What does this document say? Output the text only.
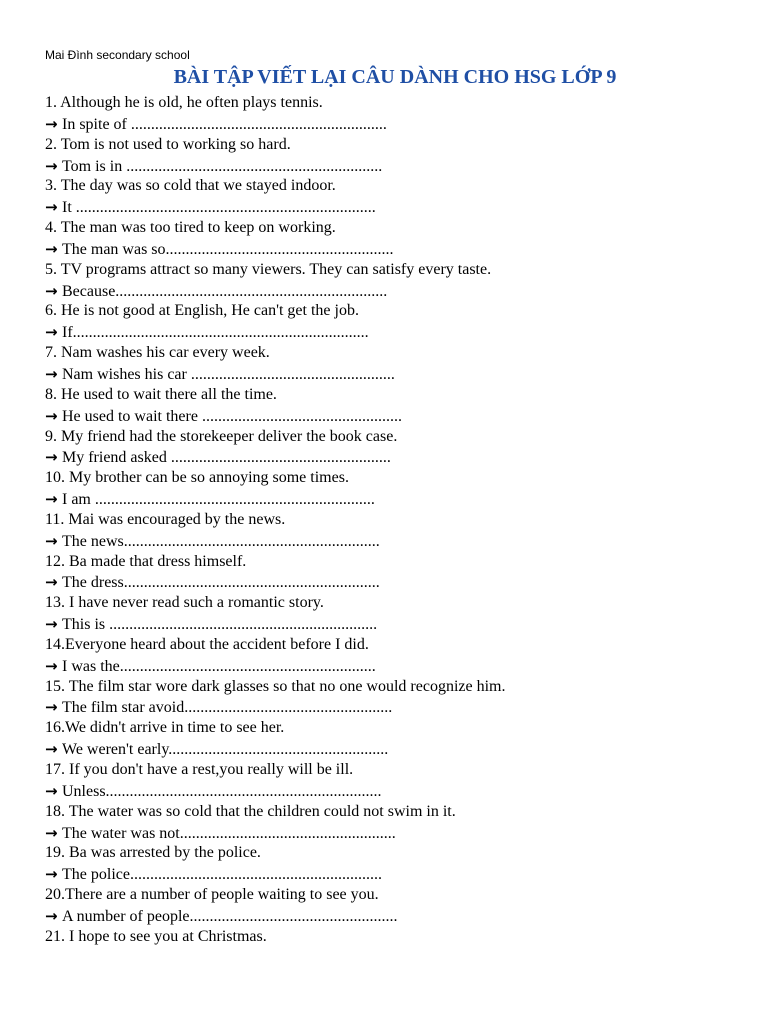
Mai Đình secondary school

BÀI TẬP VIẾT LẠI CÂU DÀNH CHO HSG LỚP 9
1. Although he is old, he often plays tennis.
→ In spite of ................................................................
2. Tom is not used to working so hard.
→ Tom is in ................................................................
3. The day was so cold that we stayed indoor.
→ It ...........................................................................
4. The man was too tired to keep on working.
→ The man was so.........................................................
5. TV programs attract so many viewers. They can satisfy every taste.
→ Because....................................................................
6. He is not good at English, He can't get the job.
→ If..........................................................................
7. Nam washes his car every week.
→ Nam wishes his car ...................................................
8. He used to wait there all the time.
→ He used to wait there ..................................................
9. My friend had the storekeeper deliver the book case.
→ My friend asked .......................................................
10. My brother can be so annoying some times.
→ I am ......................................................................
11. Mai was encouraged by the news.
→ The news................................................................
12. Ba made that dress himself.
→ The dress................................................................
13. I have never read such a romantic story.
→ This is ...................................................................
14.Everyone heard about the accident before I did.
→ I was the................................................................
15. The film star wore dark glasses so that no one would recognize him.
→ The film star avoid....................................................
16.We didn't arrive in time to see her.
→ We weren't early.......................................................
17. If you don't have a rest,you really will be ill.
→ Unless.....................................................................
18. The water was so cold that the children could not swim in it.
→ The water was not......................................................
19. Ba was arrested by the police.
→ The police...............................................................
20.There are a number of people waiting to see you.
→ A number of people....................................................
21. I hope to see you at Christmas.
